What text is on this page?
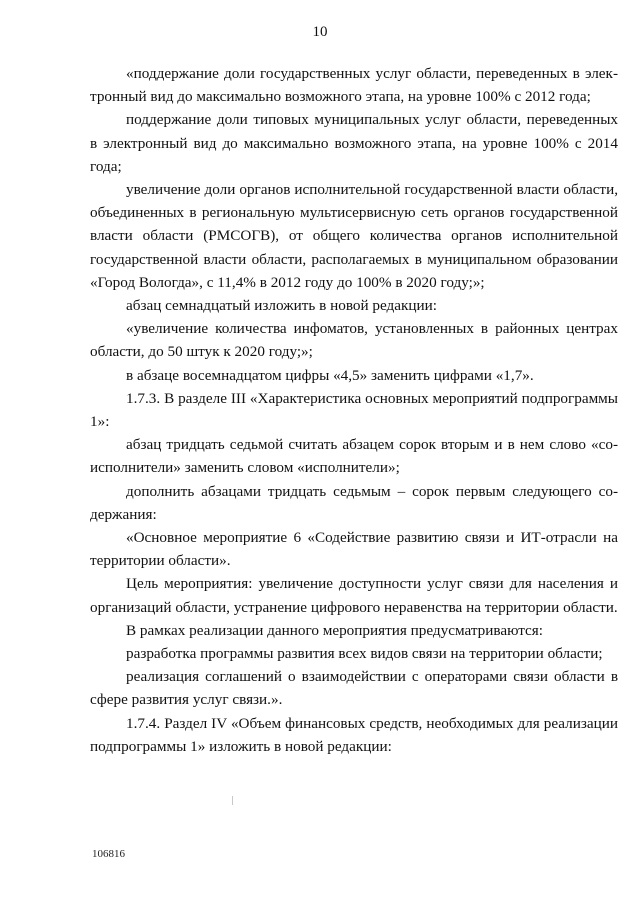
10

«поддержание доли государственных услуг области, переведенных в электронный вид до максимально возможного этапа, на уровне 100% с 2012 года;

поддержание доли типовых муниципальных услуг области, переведенных в электронный вид до максимально возможного этапа, на уровне 100% с 2014 года;

увеличение доли органов исполнительной государственной власти области, объединенных в региональную мультисервисную сеть органов государственной власти области (РМСОГВ), от общего количества органов исполнительной государственной власти области, располагаемых в муниципальном образовании «Город Вологда», с 11,4% в 2012 году до 100% в 2020 году;»;

абзац семнадцатый изложить в новой редакции:

«увеличение количества инфоматов, установленных в районных центрах области, до 50 штук к 2020 году;»;

в абзаце восемнадцатом цифры «4,5» заменить цифрами «1,7».

1.7.3. В разделе III «Характеристика основных мероприятий подпрограммы 1»:

абзац тридцать седьмой считать абзацем сорок вторым и в нем слово «соисполнители» заменить словом «исполнители»;

дополнить абзацами тридцать седьмым – сорок первым следующего содержания:

«Основное мероприятие 6 «Содействие развитию связи и ИТ-отрасли на территории области».

Цель мероприятия: увеличение доступности услуг связи для населения и организаций области, устранение цифрового неравенства на территории области.

В рамках реализации данного мероприятия предусматриваются:

разработка программы развития всех видов связи на территории области;

реализация соглашений о взаимодействии с операторами связи области в сфере развития услуг связи.».

1.7.4. Раздел IV «Объем финансовых средств, необходимых для реализации подпрограммы 1» изложить в новой редакции:

106816
